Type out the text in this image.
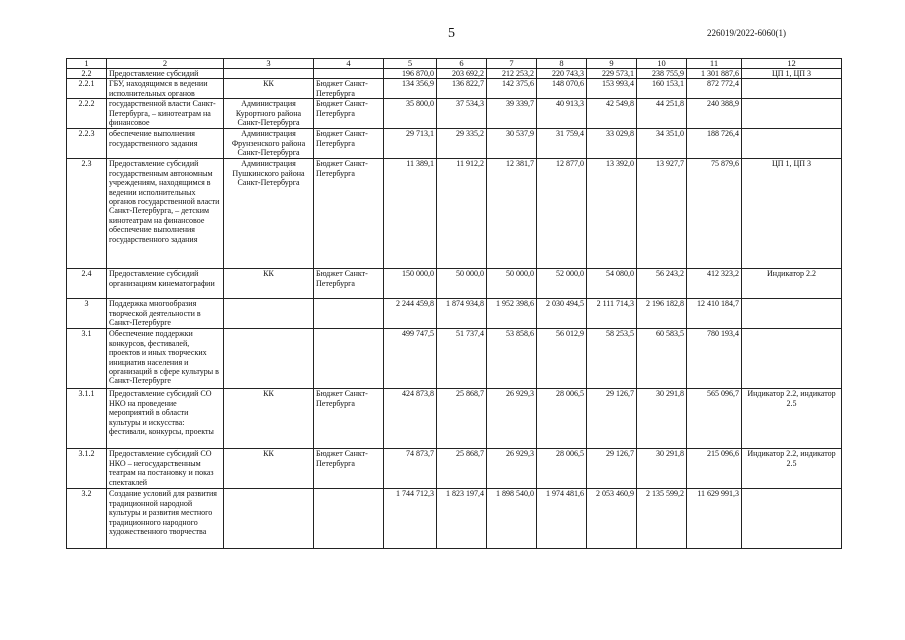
5	226019/2022-6060(1)
1	2	3	4	5	6	7	8	9	10	11	12
2.2	Предоставление субсидий			196 870,0	203 692,2	212 253,2	220 743,3	229 573,1	238 755,9	1 301 887,6	ЦП 1, ЦП 3
2.2.1	ГБУ, находящимся в ведении исполнительных органов	КК	Бюджет Санкт-Петербурга	134 356,9	136 822,7	142 375,6	148 070,6	153 993,4	160 153,1	872 772,4	
2.2.2	государственной власти Санкт-Петербурга, – кинотеатрам на финансовое	Администрация Курортного района Санкт-Петербурга	Бюджет Санкт-Петербурга	35 800,0	37 534,3	39 339,7	40 913,3	42 549,8	44 251,8	240 388,9	
2.2.3	обеспечение выполнения государственного задания	Администрация Фрунзенского района Санкт-Петербурга	Бюджет Санкт-Петербурга	29 713,1	29 335,2	30 537,9	31 759,4	33 029,8	34 351,0	188 726,4	
2.3	Предоставление субсидий государственным автономным учреждениям, находящимся в ведении исполнительных органов государственной власти Санкт-Петербурга, – детским кинотеатрам на финансовое обеспечение выполнения государственного задания	Администрация Пушкинского района Санкт-Петербурга	Бюджет Санкт-Петербурга	11 389,1	11 912,2	12 381,7	12 877,0	13 392,0	13 927,7	75 879,6	ЦП 1, ЦП 3
2.4	Предоставление субсидий организациям кинематографии	КК	Бюджет Санкт-Петербурга	150 000,0	50 000,0	50 000,0	52 000,0	54 080,0	56 243,2	412 323,2	Индикатор 2.2
3	Поддержка многообразия творческой деятельности в Санкт-Петербурге			2 244 459,8	1 874 934,8	1 952 398,6	2 030 494,5	2 111 714,3	2 196 182,8	12 410 184,7	
3.1	Обеспечение поддержки конкурсов, фестивалей, проектов и иных творческих инициатив населения и организаций в сфере культуры в Санкт-Петербурге			499 747,5	51 737,4	53 858,6	56 012,9	58 253,5	60 583,5	780 193,4	
3.1.1	Предоставление субсидий СО НКО на проведение мероприятий в области культуры и искусства: фестивали, конкурсы, проекты	КК	Бюджет Санкт-Петербурга	424 873,8	25 868,7	26 929,3	28 006,5	29 126,7	30 291,8	565 096,7	Индикатор 2.2, индикатор 2.5
3.1.2	Предоставление субсидий СО НКО – негосударственным театрам на постановку и показ спектаклей	КК	Бюджет Санкт-Петербурга	74 873,7	25 868,7	26 929,3	28 006,5	29 126,7	30 291,8	215 096,6	Индикатор 2.2, индикатор 2.5
3.2	Создание условий для развития традиционной народной культуры и развития местного традиционного народного художественного творчества			1 744 712,3	1 823 197,4	1 898 540,0	1 974 481,6	2 053 460,9	2 135 599,2	11 629 991,3	
